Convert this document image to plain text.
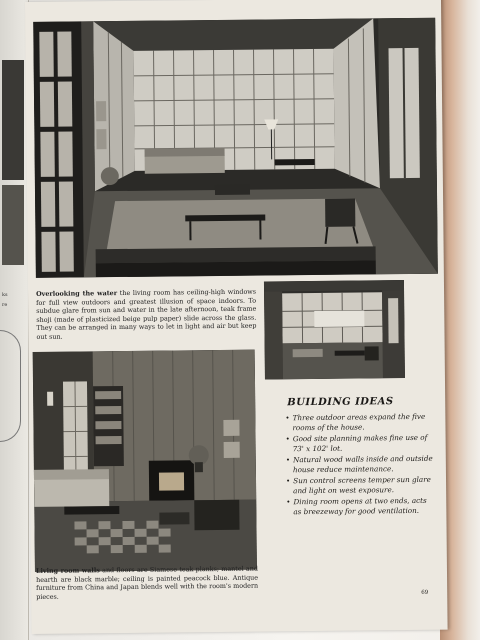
ks
re
Overlooking the water the living room has ceiling-high windows for full view outdoors and greatest illusion of space indoors. To subdue glare from sun and water in the late afternoon, teak frame shoji (made of plasticized beige pulp paper) slide across the glass. They can be arranged in many ways to let in light and air but keep out sun.
BUILDING IDEAS
• Three outdoor areas expand the five rooms of the house.
• Good site planning makes fine use of 73' x 102' lot.
• Natural wood walls inside and outside house reduce maintenance.
• Sun control screens temper sun glare and light on west exposure.
• Dining room opens at two ends, acts as breezeway for good ventilation.
Living room walls and floors are Siamese teak planks; mantel and hearth are black marble; ceiling is painted peacock blue. Antique furniture from China and Japan blends well with the room's modern pieces.	69
